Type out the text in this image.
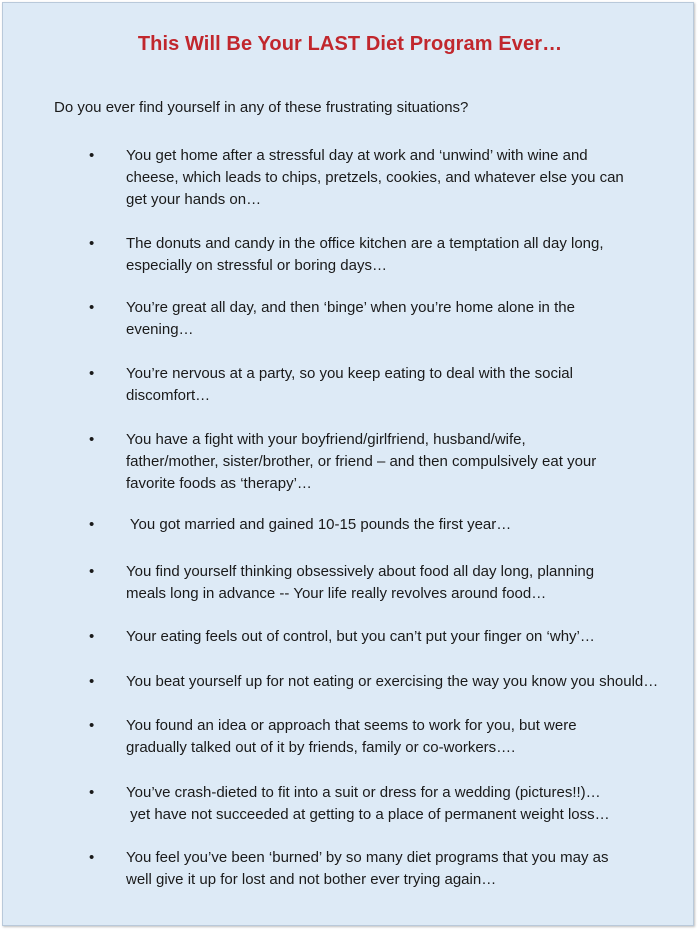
This Will Be Your LAST Diet Program Ever…

Do you ever find yourself in any of these frustrating situations?

• You get home after a stressful day at work and ‘unwind’ with wine and
cheese, which leads to chips, pretzels, cookies, and whatever else you can
get your hands on…

• The donuts and candy in the office kitchen are a temptation all day long,
especially on stressful or boring days…

• You’re great all day, and then ‘binge’ when you’re home alone in the
evening…

• You’re nervous at a party, so you keep eating to deal with the social
discomfort…

• You have a fight with your boyfriend/girlfriend, husband/wife,
father/mother, sister/brother, or friend – and then compulsively eat your
favorite foods as ‘therapy’…

• You got married and gained 10-15 pounds the first year…

• You find yourself thinking obsessively about food all day long, planning
meals long in advance -- Your life really revolves around food…

• Your eating feels out of control, but you can’t put your finger on ‘why’…

• You beat yourself up for not eating or exercising the way you know you should…

• You found an idea or approach that seems to work for you, but were
gradually talked out of it by friends, family or co-workers….

• You’ve crash-dieted to fit into a suit or dress for a wedding (pictures!!)…
yet have not succeeded at getting to a place of permanent weight loss…

• You feel you’ve been ‘burned’ by so many diet programs that you may as
well give it up for lost and not bother ever trying again…
